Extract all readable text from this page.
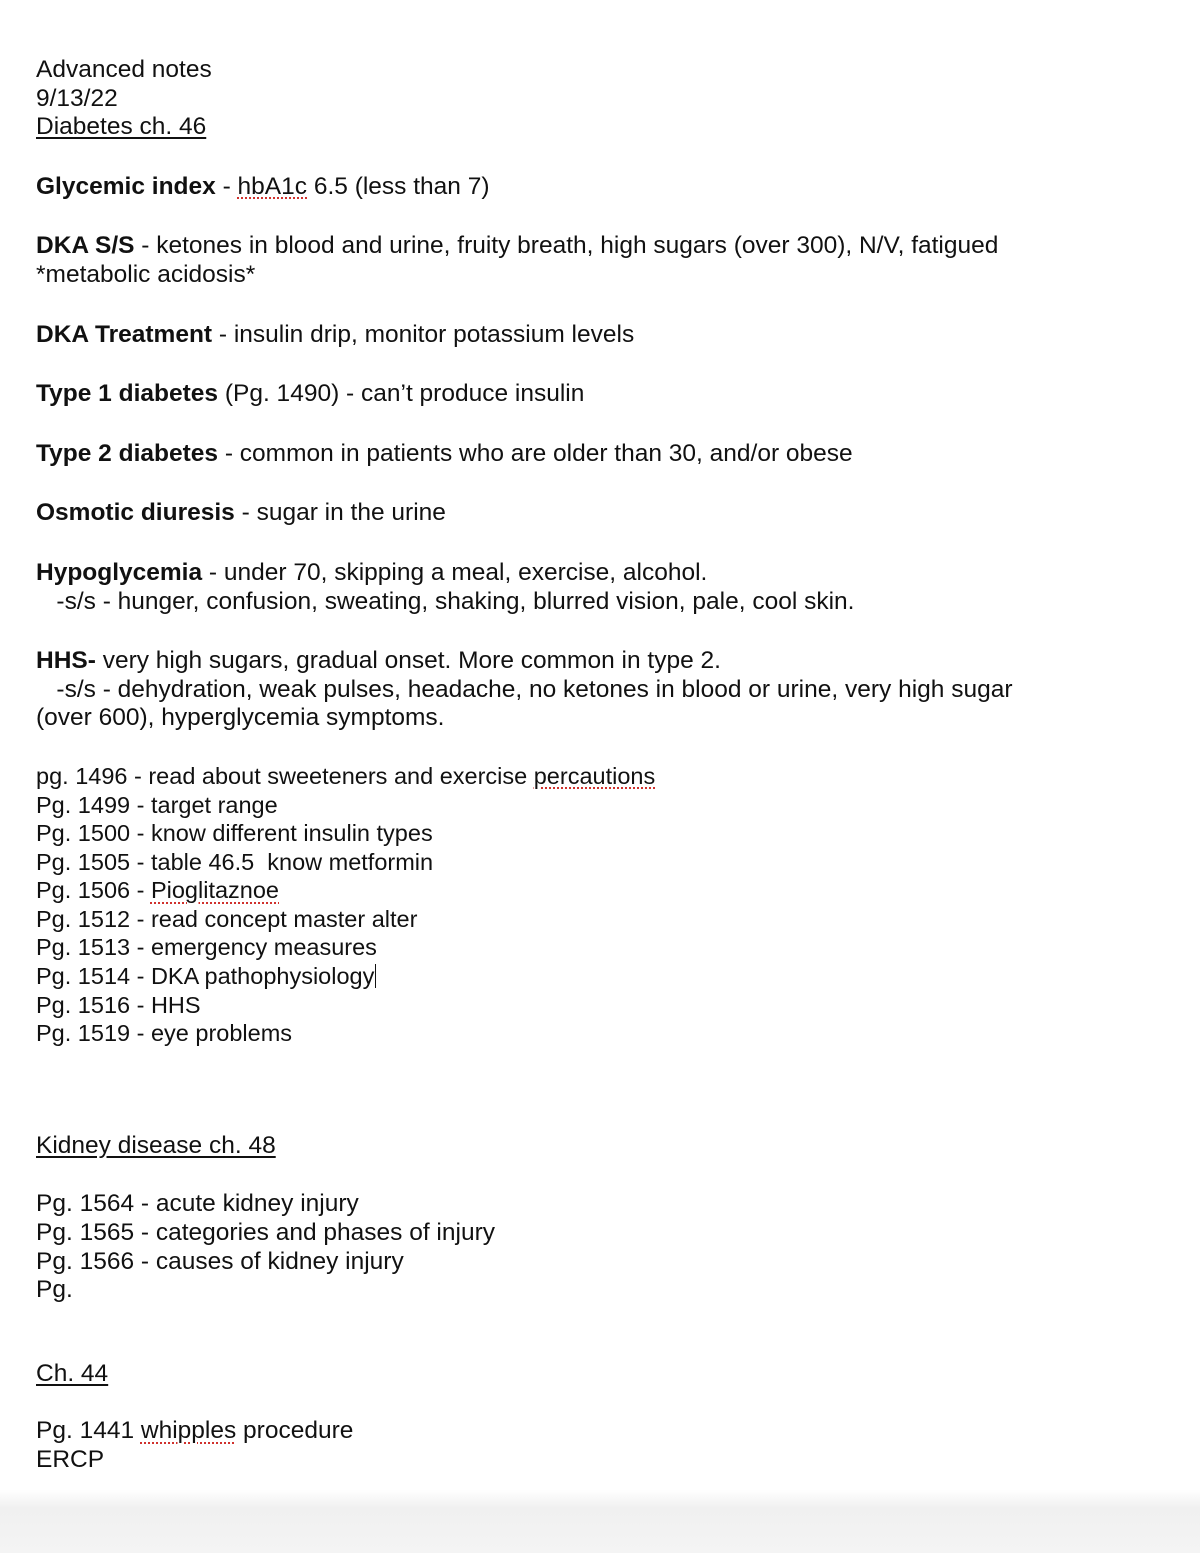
Advanced notes
9/13/22
Diabetes ch. 46
Glycemic index - hbA1c 6.5 (less than 7)
DKA S/S - ketones in blood and urine, fruity breath, high sugars (over 300), N/V, fatigued
*metabolic acidosis*
DKA Treatment - insulin drip, monitor potassium levels
Type 1 diabetes (Pg. 1490) - can’t produce insulin
Type 2 diabetes - common in patients who are older than 30, and/or obese
Osmotic diuresis - sugar in the urine
Hypoglycemia - under 70, skipping a meal, exercise, alcohol.
-s/s - hunger, confusion, sweating, shaking, blurred vision, pale, cool skin.
HHS- very high sugars, gradual onset. More common in type 2.
-s/s - dehydration, weak pulses, headache, no ketones in blood or urine, very high sugar
(over 600), hyperglycemia symptoms.
pg. 1496 - read about sweeteners and exercise percautions
Pg. 1499 - target range
Pg. 1500 - know different insulin types
Pg. 1505 - table 46.5  know metformin
Pg. 1506 - Pioglitaznoe
Pg. 1512 - read concept master alter
Pg. 1513 - emergency measures
Pg. 1514 - DKA pathophysiology
Pg. 1516 - HHS
Pg. 1519 - eye problems
Kidney disease ch. 48
Pg. 1564 - acute kidney injury
Pg. 1565 - categories and phases of injury
Pg. 1566 - causes of kidney injury
Pg.
Ch. 44
Pg. 1441 whipples procedure
ERCP
